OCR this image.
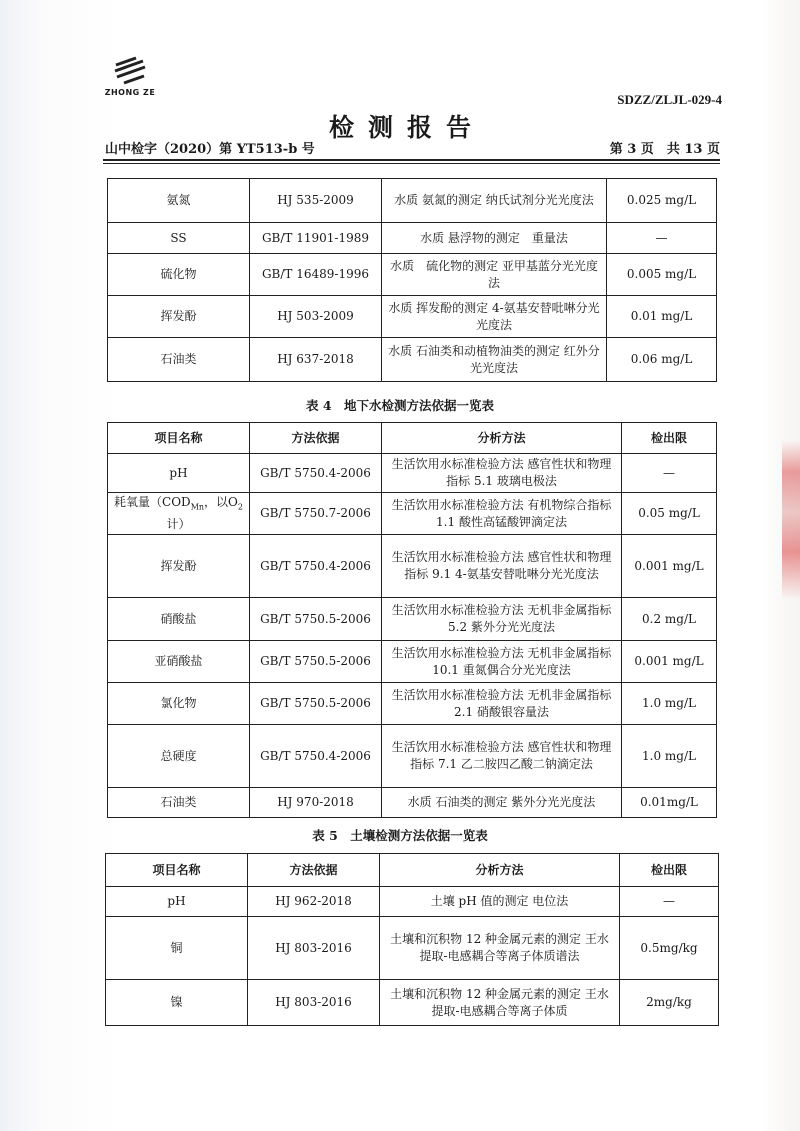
ZHONG ZE	SDZZ/ZLJL-029-4
检测报告
山中检字（2020）第 YT513-b 号	第 3 页　共 13 页
氨氮	HJ 535-2009	水质 氨氮的测定 纳氏试剂分光光度法	0.025 mg/L
SS	GB/T 11901-1989	水质 悬浮物的测定　重量法	—
硫化物	GB/T 16489-1996	水质　硫化物的测定 亚甲基蓝分光光度法	0.005 mg/L
挥发酚	HJ 503-2009	水质 挥发酚的测定 4-氨基安替吡啉分光光度法	0.01 mg/L
石油类	HJ 637-2018	水质 石油类和动植物油类的测定 红外分光光度法	0.06 mg/L
表 4　地下水检测方法依据一览表
项目名称	方法依据	分析方法	检出限
pH	GB/T 5750.4-2006	生活饮用水标准检验方法 感官性状和物理指标 5.1 玻璃电极法	—
耗氧量（$COD_{Mn}$，以$O_2$计）	GB/T 5750.7-2006	生活饮用水标准检验方法 有机物综合指标 1.1 酸性高锰酸钾滴定法	0.05 mg/L
挥发酚	GB/T 5750.4-2006	生活饮用水标准检验方法 感官性状和物理指标 9.1 4-氨基安替吡啉分光光度法	0.001 mg/L
硝酸盐	GB/T 5750.5-2006	生活饮用水标准检验方法 无机非金属指标 5.2 紫外分光光度法	0.2 mg/L
亚硝酸盐	GB/T 5750.5-2006	生活饮用水标准检验方法 无机非金属指标 10.1 重氮偶合分光光度法	0.001 mg/L
氯化物	GB/T 5750.5-2006	生活饮用水标准检验方法 无机非金属指标 2.1 硝酸银容量法	1.0 mg/L
总硬度	GB/T 5750.4-2006	生活饮用水标准检验方法 感官性状和物理指标 7.1 乙二胺四乙酸二钠滴定法	1.0 mg/L
石油类	HJ 970-2018	水质 石油类的测定 紫外分光光度法	0.01mg/L
表 5　土壤检测方法依据一览表
项目名称	方法依据	分析方法	检出限
pH	HJ 962-2018	土壤 pH 值的测定 电位法	—
铜	HJ 803-2016	土壤和沉积物 12 种金属元素的测定 王水提取-电感耦合等离子体质谱法	0.5mg/kg
镍	HJ 803-2016	土壤和沉积物 12 种金属元素的测定 王水提取-电感耦合等离子体质	2mg/kg
